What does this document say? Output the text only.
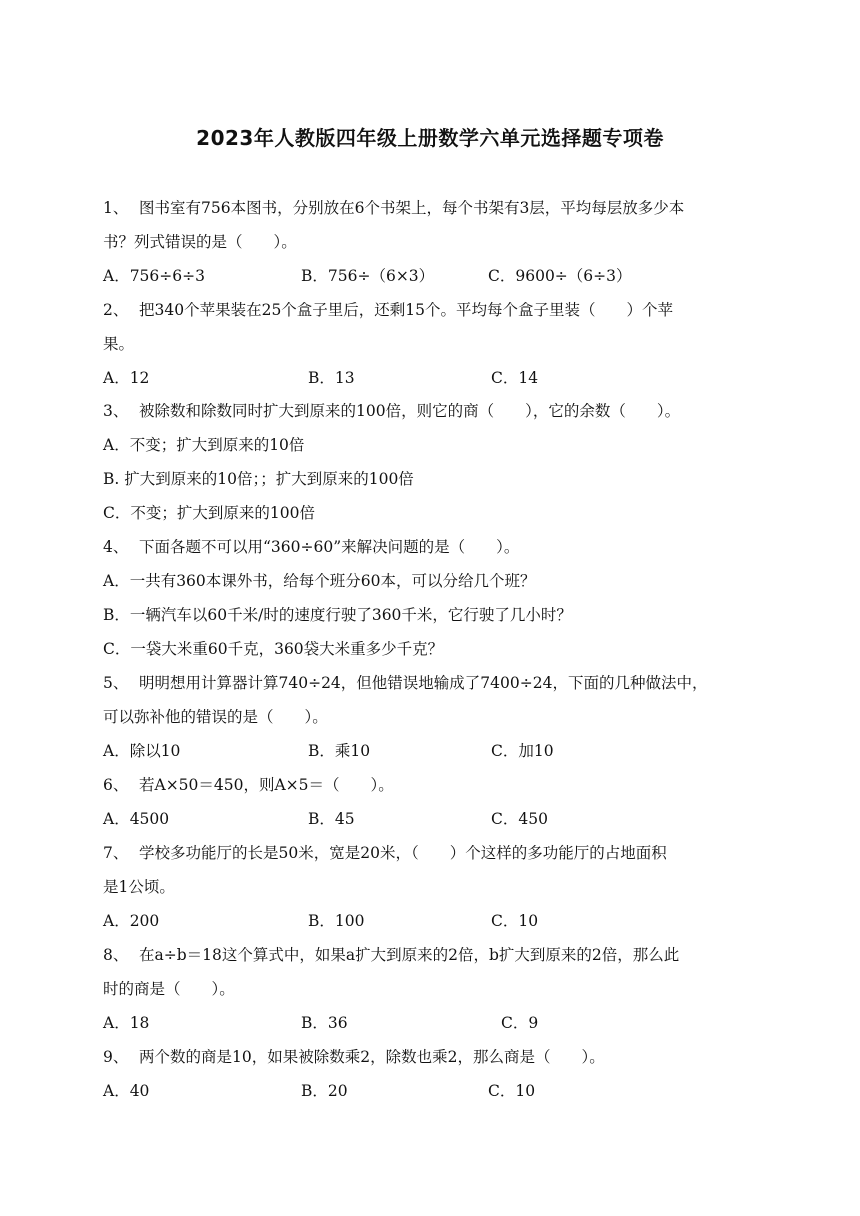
2023年人教版四年级上册数学六单元选择题专项卷
1、 图书室有756本图书，分别放在6个书架上，每个书架有3层，平均每层放多少本
书？列式错误的是（　　）。
A．756÷6÷3	B．756÷（6×3）	C．9600÷（6÷3）
2、 把340个苹果装在25个盒子里后，还剩15个。平均每个盒子里装（　　）个苹
果。
A．12	B．13	C．14
3、 被除数和除数同时扩大到原来的100倍，则它的商（　　），它的余数（　　）。
A．不变；扩大到原来的10倍
B. 扩大到原来的10倍；；扩大到原来的100倍
C．不变；扩大到原来的100倍
4、 下面各题不可以用“360÷60”来解决问题的是（　　）。
A．一共有360本课外书，给每个班分60本，可以分给几个班？
B．一辆汽车以60千米/时的速度行驶了360千米，它行驶了几小时？
C．一袋大米重60千克，360袋大米重多少千克？
5、 明明想用计算器计算740÷24，但他错误地输成了7400÷24，下面的几种做法中，
可以弥补他的错误的是（　　）。
A．除以10	B．乘10	C．加10
6、 若A×50＝450，则A×5＝（　　）。
A．4500	B．45	C．450
7、 学校多功能厅的长是50米，宽是20米，（　　）个这样的多功能厅的占地面积
是1公顷。
A．200	B．100	C．10
8、 在a÷b＝18这个算式中，如果a扩大到原来的2倍，b扩大到原来的2倍，那么此
时的商是（　　）。
A．18	B．36	C．9
9、 两个数的商是10，如果被除数乘2，除数也乘2，那么商是（　　）。
A．40	B．20	C．10
